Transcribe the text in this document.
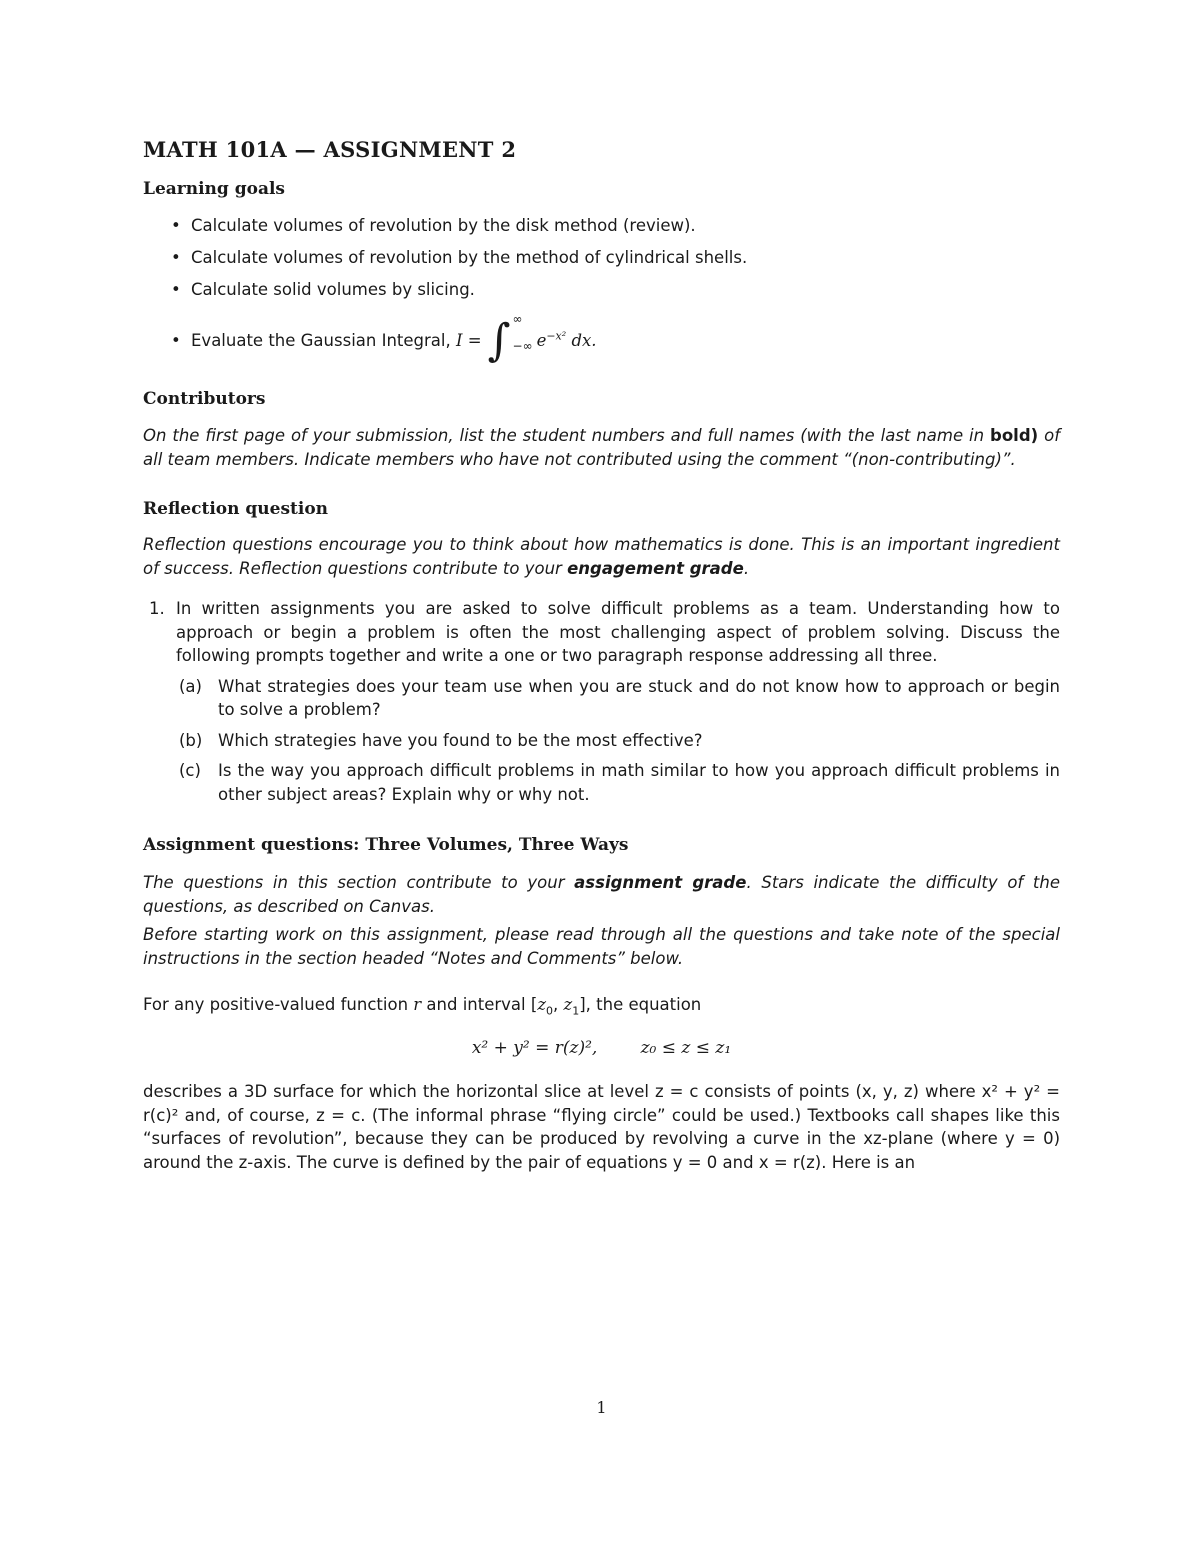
MATH 101A — ASSIGNMENT 2
Learning goals
• Calculate volumes of revolution by the disk method (review).
• Calculate volumes of revolution by the method of cylindrical shells.
• Calculate solid volumes by slicing.
• Evaluate the Gaussian Integral,
I = ∫ ∞
−∞ $e^{-x^2}$
dx.
Contributors
On the first page of your submission, list the student numbers and full names (with the last name in bold) of all team members. Indicate members who have not contributed using the comment “(non-contributing)”.
Reflection question
Reflection questions encourage you to think about how mathematics is done. This is an important ingredient of success. Reflection questions contribute to your engagement grade.
1. In written assignments you are asked to solve difficult problems as a team. Understanding how to approach or begin a problem is often the most challenging aspect of problem solving. Discuss the following prompts together and write a one or two paragraph response addressing all three.
(a) What strategies does your team use when you are stuck and do not know how to approach or begin to solve a problem?
(b) Which strategies have you found to be the most effective?
(c) Is the way you approach difficult problems in math similar to how you approach difficult problems in other subject areas? Explain why or why not.
Assignment questions: Three Volumes, Three Ways
The questions in this section contribute to your assignment grade. Stars indicate the difficulty of the questions, as described on Canvas.
Before starting work on this assignment, please read through all the questions and take note of the special instructions in the section headed “Notes and Comments” below.
For any positive-valued function r and interval [$z_0$, $z_1$], the equation
x² + y² = r(z)²,	z₀ ≤ z ≤ z₁
describes a 3D surface for which the horizontal slice at level z = c consists of points (x, y, z) where x² + y² = r(c)² and, of course, z = c. (The informal phrase “flying circle” could be used.) Textbooks call shapes like this “surfaces of revolution”, because they can be produced by revolving a curve in the xz-plane (where y = 0) around the z-axis. The curve is defined by the pair of equations y = 0 and x = r(z). Here is an
1
